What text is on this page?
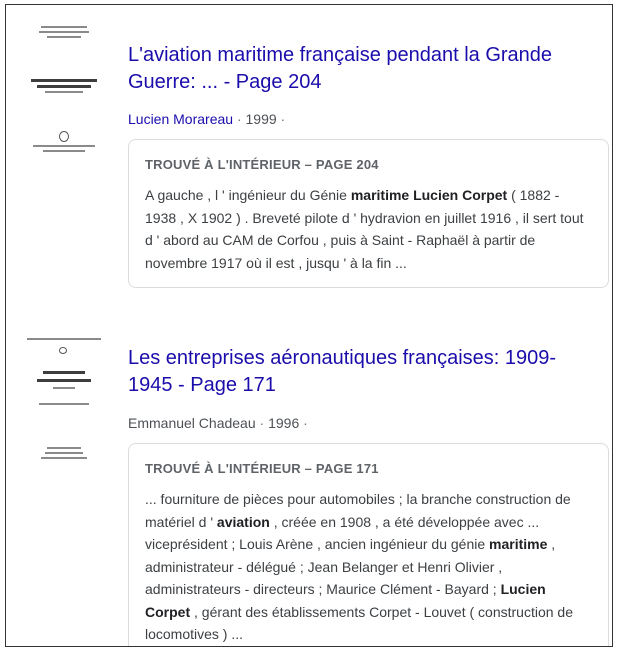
L'aviation maritime française pendant la Grande Guerre: ... - Page 204
Lucien Morareau · 1999 ·
TROUVÉ À L'INTÉRIEUR – PAGE 204
A gauche , l ' ingénieur du Génie maritime Lucien Corpet ( 1882 - 1938 , X 1902 ) . Breveté pilote d ' hydravion en juillet 1916 , il sert tout d ' abord au CAM de Corfou , puis à Saint - Raphaël à partir de novembre 1917 où il est , jusqu ' à la fin ...
Les entreprises aéronautiques françaises: 1909-1945 - Page 171
Emmanuel Chadeau · 1996 ·
TROUVÉ À L'INTÉRIEUR – PAGE 171
... fourniture de pièces pour automobiles ; la branche construction de matériel d ' aviation , créée en 1908 , a été développée avec ... viceprésident ; Louis Arène , ancien ingénieur du génie maritime , administrateur - délégué ; Jean Belanger et Henri Olivier , administrateurs - directeurs ; Maurice Clément - Bayard ; Lucien Corpet , gérant des établissements Corpet - Louvet ( construction de locomotives ) ...
